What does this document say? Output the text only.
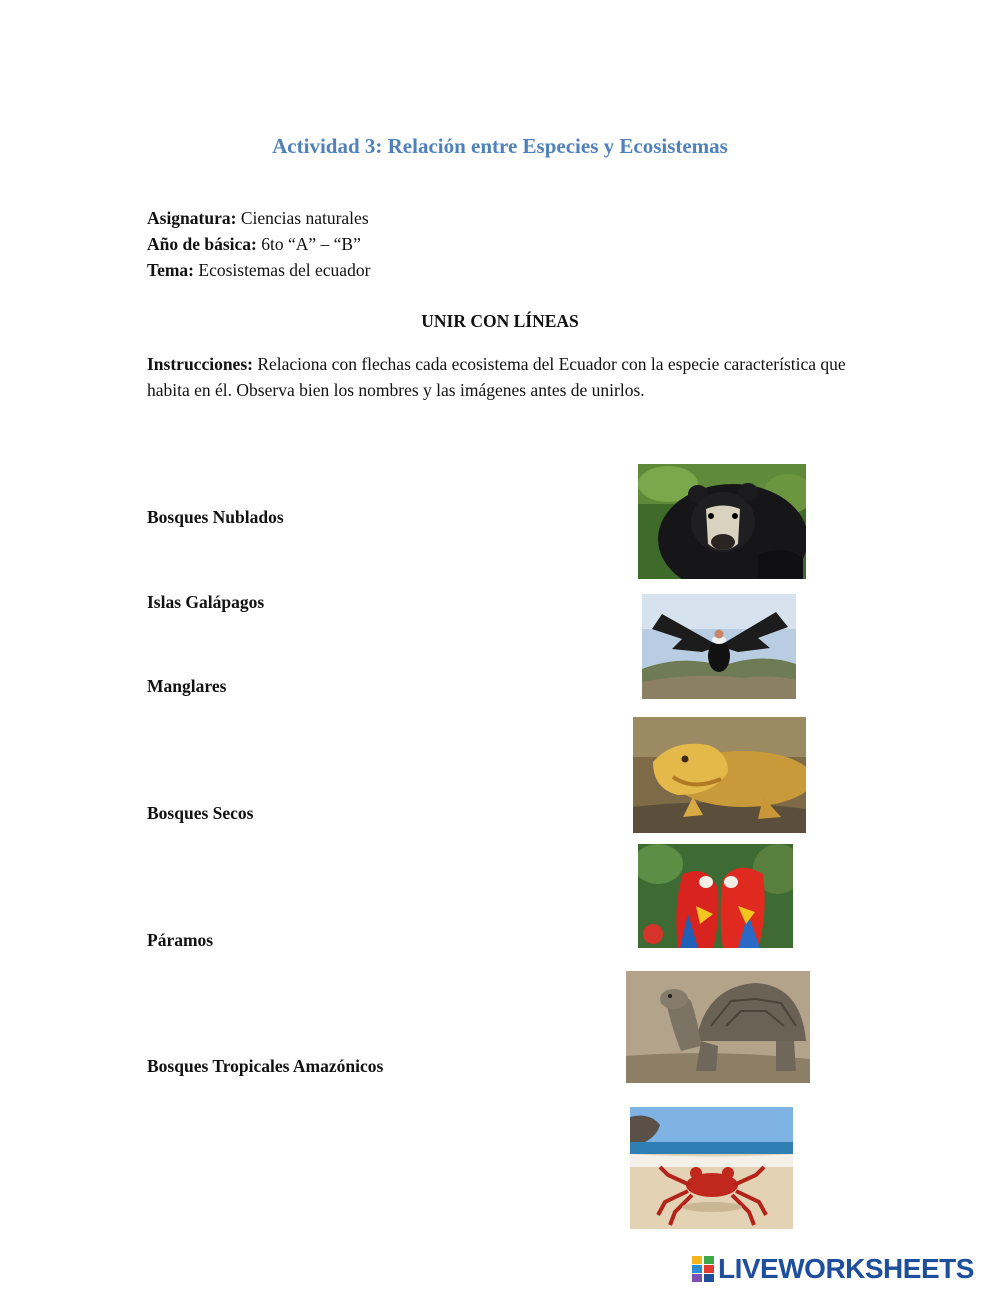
Actividad 3: Relación entre Especies y Ecosistemas
Asignatura: Ciencias naturales
Año de básica: 6to “A” – “B”
Tema: Ecosistemas del ecuador
UNIR CON LÍNEAS
Instrucciones: Relaciona con flechas cada ecosistema del Ecuador con la especie característica que habita en él. Observa bien los nombres y las imágenes antes de unirlos.
Bosques Nublados
Islas Galápagos
Manglares
Bosques Secos
Páramos
Bosques Tropicales Amazónicos
LIVEWORKSHEETS
